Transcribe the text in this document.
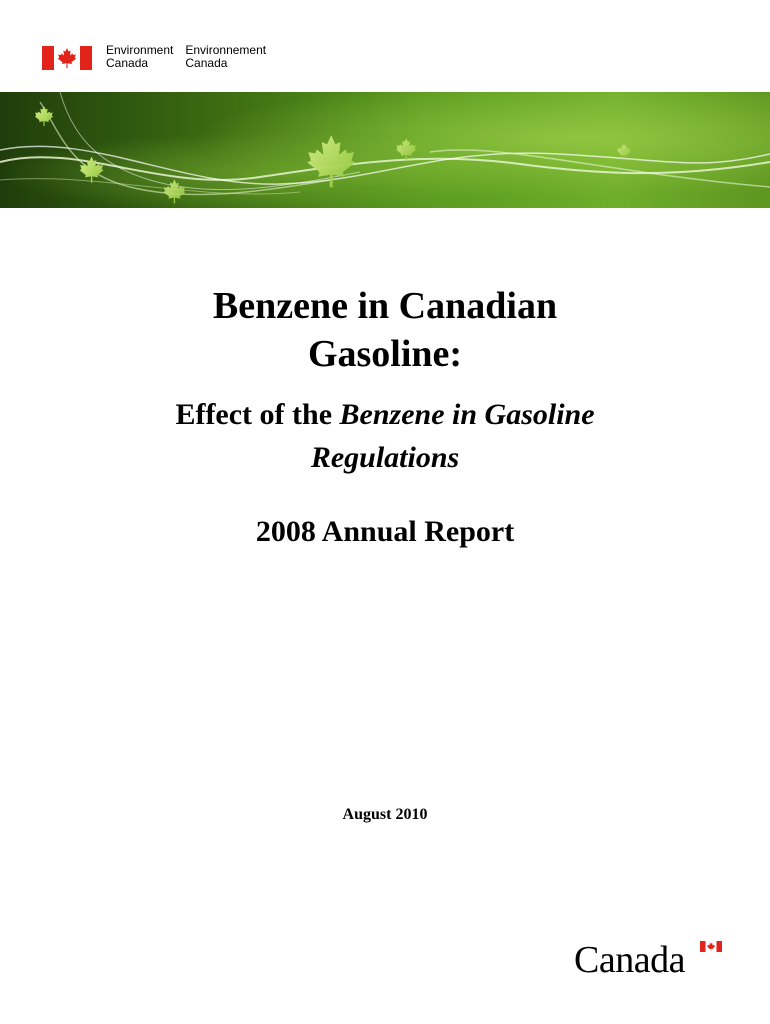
Environment
Canada
Environnement
Canada
Benzene in Canadian
Gasoline:
Effect of the Benzene in Gasoline
Regulations
2008 Annual Report
August 2010
Canada
